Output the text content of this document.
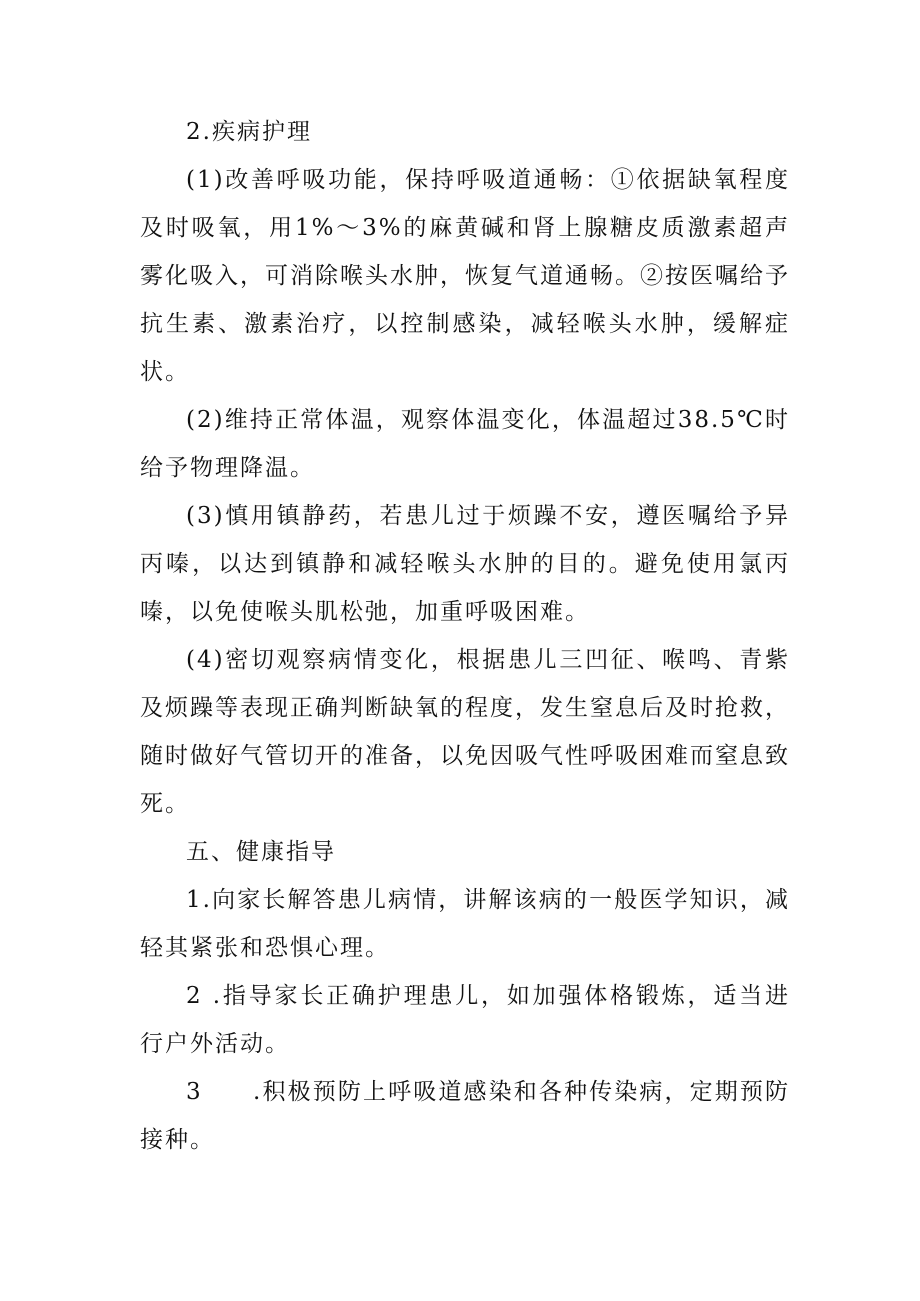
2.疾病护理

(1)改善呼吸功能，保持呼吸道通畅：①依据缺氧程度及时吸氧，用1%～3%的麻黄碱和肾上腺糖皮质激素超声雾化吸入，可消除喉头水肿，恢复气道通畅。②按医嘱给予抗生素、激素治疗，以控制感染，减轻喉头水肿，缓解症状。

(2)维持正常体温，观察体温变化，体温超过38.5℃时给予物理降温。

(3)慎用镇静药，若患儿过于烦躁不安，遵医嘱给予异丙嗪，以达到镇静和减轻喉头水肿的目的。避免使用氯丙嗪，以免使喉头肌松弛，加重呼吸困难。

(4)密切观察病情变化，根据患儿三凹征、喉鸣、青紫及烦躁等表现正确判断缺氧的程度，发生窒息后及时抢救，随时做好气管切开的准备，以免因吸气性呼吸困难而窒息致死。

五、健康指导

1.向家长解答患儿病情，讲解该病的一般医学知识，减轻其紧张和恐惧心理。

2 .指导家长正确护理患儿，如加强体格锻炼，适当进行户外活动。

3　　.积极预防上呼吸道感染和各种传染病，定期预防接种。
